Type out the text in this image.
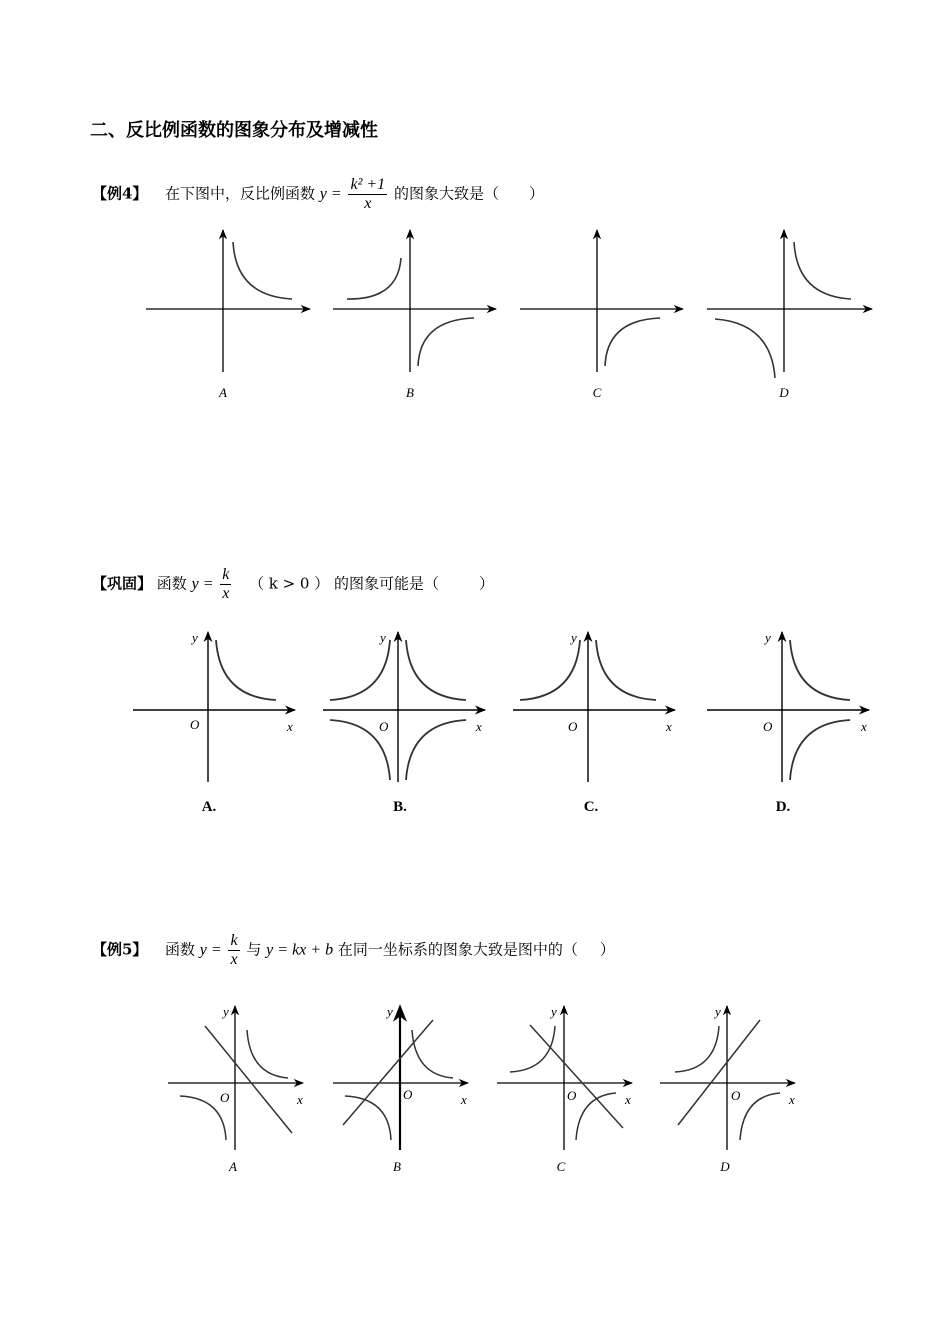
二、反比例函数的图象分布及增减性
【例4】 在下图中，反比例函数 $y = \frac{\text{k² +1}}{x}$ 的图象大致是（ ）
【巩固】 函数 $y = \frac{k}{x}$ （ k > 0 ） 的图象可能是（	）
【例5】 函数 $y = \frac{k}{x}$ 与 y = kx + b 在同一坐标系的图象大致是图中的（ ）
A	B	C	D
y
O	x
A.
y
O	x
B.
y
O	x
C.
y
O	x
D.
y
O	x
A
y
O	x
B
y
O	x
C
y
O	x
D
